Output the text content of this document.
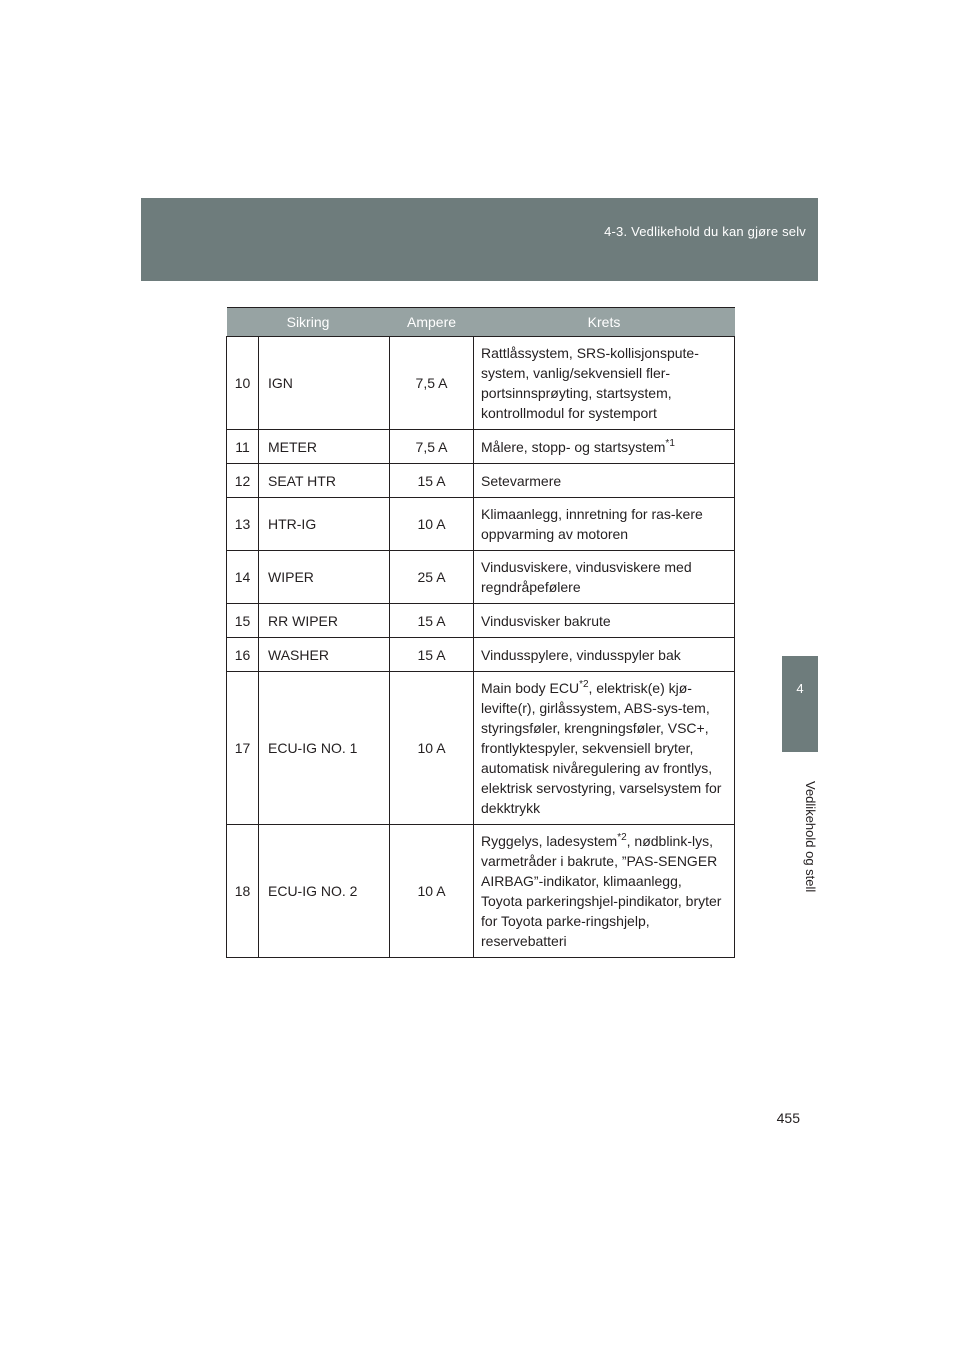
4-3. Vedlikehold du kan gjøre selv
4
Vedlikehold og stell
Sikring		Ampere	Krets
10	IGN	7,5 A	Rattlåssystem, SRS-kollisjonspute-system, vanlig/sekvensiell fler-portsinnsprøyting, startsystem, kontrollmodul for systemport
11	METER	7,5 A	Målere, stopp- og startsystem$^{*1}$
12	SEAT HTR	15 A	Setevarmere
13	HTR-IG	10 A	Klimaanlegg, innretning for ras-kere oppvarming av motoren
14	WIPER	25 A	Vindusviskere, vindusviskere med regndråpefølere
15	RR WIPER	15 A	Vindusvisker bakrute
16	WASHER	15 A	Vindusspylere, vindusspyler bak
17	ECU-IG NO. 1	10 A	Main body ECU$^{*2}$, elektrisk(e) kjø-levifte(r), girlåssystem, ABS-sys-tem, styringsføler, krengningsføler, VSC+, frontlyktespyler, sekvensiell bryter, automatisk nivåregulering av frontlys, elektrisk servostyring, varselsystem for dekktrykk
18	ECU-IG NO. 2	10 A	Ryggelys, ladesystem$^{*2}$, nødblink-lys, varmetråder i bakrute, ”PAS-SENGER AIRBAG”-indikator, klimaanlegg, Toyota parkeringshjel-pindikator, bryter for Toyota parke-ringshjelp, reservebatteri
455
